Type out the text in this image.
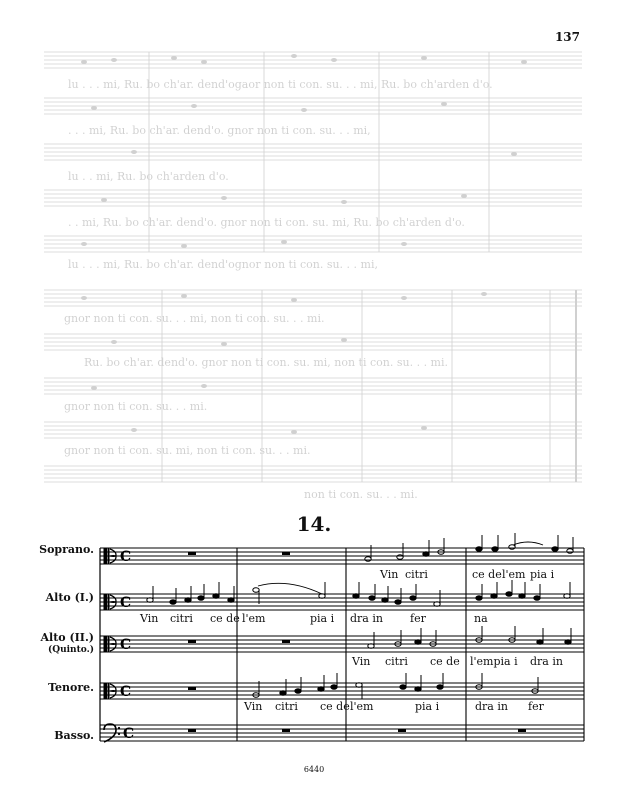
137
lu . . . mi, Ru. bo ch'ar. dend'ogaor non ti con. su. . . mi, Ru. bo ch'arden d'o.
. . . mi, Ru. bo ch'ar. dend'o. gnor non ti con. su. . . mi,
lu . . mi, Ru. bo ch'arden d'o.
. . mi, Ru. bo ch'ar. dend'o. gnor non ti con. su. mi, Ru. bo ch'arden d'o.
lu . . . mi, Ru. bo ch'ar. dend'ognor non ti con. su. . . mi,
gnor non ti con. su. . . mi, non ti con. su. . . mi.
Ru. bo ch'ar. dend'o. gnor non ti con. su. mi, non ti con. su. . . mi.
gnor non ti con. su. . . mi.
gnor non ti con. su. mi, non ti con. su. . . mi.
non ti con. su. . . mi.
14.
Soprano.
Alto (I.)
Alto (II.)
(Quinto.)
Tenore.
Basso.
C
C
C
C
C
Vin citri	ce de l'em pia i
Vin citri ce de l'em	pia i dra in fer	na
Vin citri ce de l'empia i dra in
Vin citri ce de l'em	pia i	dra in fer
6440
